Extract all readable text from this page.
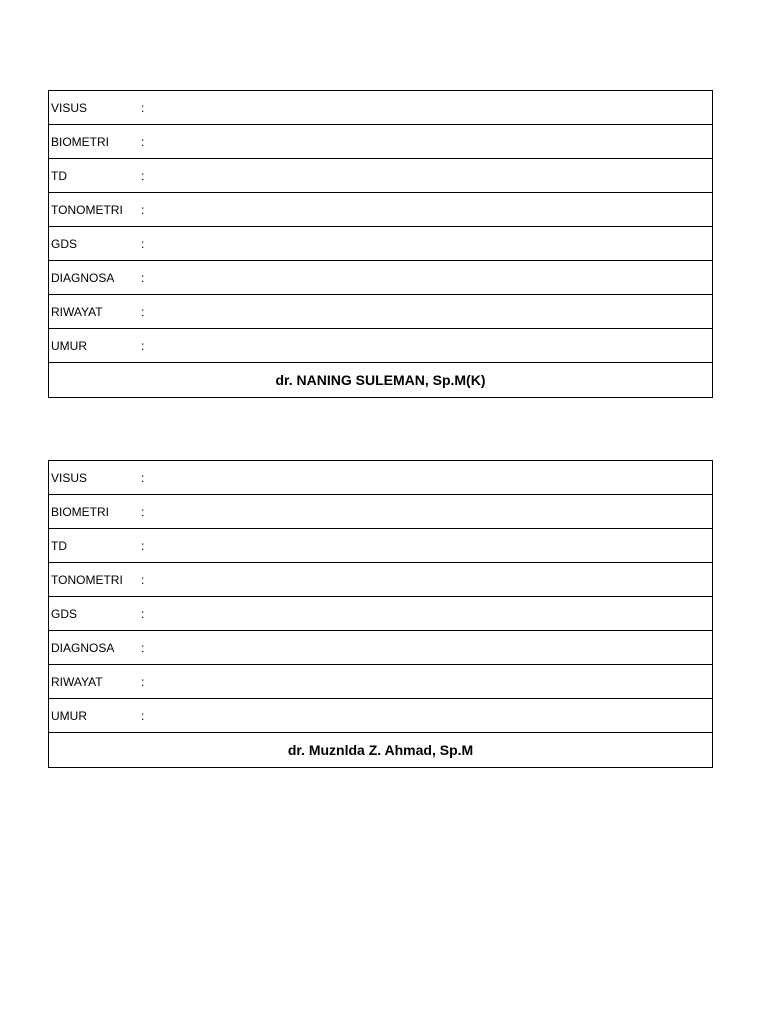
VISUS	:

BIOMETRI	:

TD	:

TONOMETRI	:

GDS	:

DIAGNOSA	:

RIWAYAT	:

UMUR	:

dr. NANING SULEMAN, Sp.M(K)
VISUS	:

BIOMETRI	:

TD	:

TONOMETRI	:

GDS	:

DIAGNOSA	:

RIWAYAT	:

UMUR	:

dr. Muznlda Z. Ahmad, Sp.M
